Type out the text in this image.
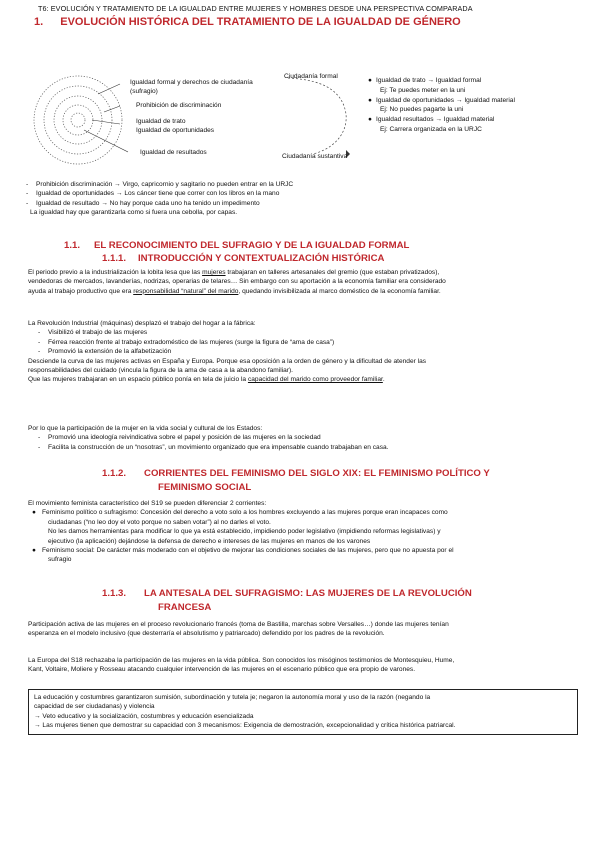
T6: EVOLUCIÓN Y TRATAMIENTO DE LA IGUALDAD ENTRE MUJERES Y HOMBRES DESDE UNA PERSPECTIVA COMPARADA
1. EVOLUCIÓN HISTÓRICA DEL TRATAMIENTO DE LA IGUALDAD DE GÉNERO
Igualdad formal y derechos de ciudadanía
(sufragio)
Prohibición de discriminación
Igualdad de trato
Igualdad de oportunidades
Igualdad de resultados
Ciudadanía formal
Ciudadanía sustantiva
● Igualdad de trato → Igualdad formal
Ej: Te puedes meter en la uni
● Igualdad de oportunidades → Igualdad material
Ej: No puedes pagarte la uni
● Igualdad resultados → Igualdad material
Ej: Carrera organizada en la URJC
- Prohibición discriminación → Virgo, capricornio y sagitario no pueden entrar en la URJC
- Igualdad de oportunidades → Los cáncer tiene que correr con los libros en la mano
- Igualdad de resultado → No hay porque cada uno ha tenido un impedimento
La igualdad hay que garantizarla como si fuera una cebolla, por capas.
1.1. EL RECONOCIMIENTO DEL SUFRAGIO Y DE LA IGUALDAD FORMAL
1.1.1. INTRODUCCIÓN Y CONTEXTUALIZACIÓN HISTÓRICA
El periodo previo a la industrialización la lobita lesa que las mujeres trabajaran en talleres artesanales del gremio (que estaban privatizados),
vendedoras de mercados, lavanderías, nodrizas, operarias de telares… Sin embargo con su aportación a la economía familiar era considerado
ayuda al trabajo productivo que era responsabilidad “natural” del marido, quedando invisibilizada al marco doméstico de la economía familiar.
La Revolución Industrial (máquinas) desplazó el trabajo del hogar a la fábrica:
- Visibilizó el trabajo de las mujeres
- Férrea reacción frente al trabajo extradoméstico de las mujeres (surge la figura de “ama de casa”)
- Promovió la extensión de la alfabetización
Desciende la curva de las mujeres activas en España y Europa. Porque esa oposición a la orden de género y la dificultad de atender las
responsabilidades del cuidado (vincula la figura de la ama de casa a la abandono familiar).
Que las mujeres trabajaran en un espacio público ponía en tela de juicio la capacidad del marido como proveedor familiar.
Por lo que la participación de la mujer en la vida social y cultural de los Estados:
- Promovió una ideología reivindicativa sobre el papel y posición de las mujeres en la sociedad
- Facilita la construcción de un “nosotras”, un movimiento organizado que era impensable cuando trabajaban en casa.
1.1.2. CORRIENTES DEL FEMINISMO DEL SIGLO XIX: EL FEMINISMO POLÍTICO Y
FEMINISMO SOCIAL
El movimiento feminista característico del S19 se pueden diferenciar 2 corrientes:
● Feminismo político o sufragismo: Concesión del derecho a voto solo a los hombres excluyendo a las mujeres porque eran incapaces como
ciudadanas (“no leo doy el voto porque no saben votar”) al no darles el voto.
No les damos herramientas para modificar lo que ya está establecido, impidiendo poder legislativo (impidiendo reformas legislativas) y
ejecutivo (la aplicación) dejándose la defensa de derecho e intereses de las mujeres en manos de los varones
● Feminismo social: De carácter más moderado con el objetivo de mejorar las condiciones sociales de las mujeres, pero que no apuesta por el
sufragio
1.1.3. LA ANTESALA DEL SUFRAGISMO: LAS MUJERES DE LA REVOLUCIÓN
FRANCESA
Participación activa de las mujeres en el proceso revolucionario francés (toma de Bastilla, marchas sobre Versalles…) donde las mujeres tenían
esperanza en el modelo inclusivo (que desterraría el absolutismo y patriarcado) defendido por los padres de la revolución.
La Europa del S18 rechazaba la participación de las mujeres en la vida pública. Son conocidos los misóginos testimonios de Montesquieu, Hume,
Kant, Voltaire, Moliere y Rosseau atacando cualquier intervención de las mujeres en el escenario público que era propio de varones.
La educación y costumbres garantizaron sumisión, subordinación y tutela je; negaron la autonomía moral y uso de la razón (negando la
capacidad de ser ciudadanas) y violencia
→ Veto educativo y la socialización, costumbres y educación esencializada
→ Las mujeres tienen que demostrar su capacidad con 3 mecanismos: Exigencia de demostración, excepcionalidad y crítica histórica patriarcal.
